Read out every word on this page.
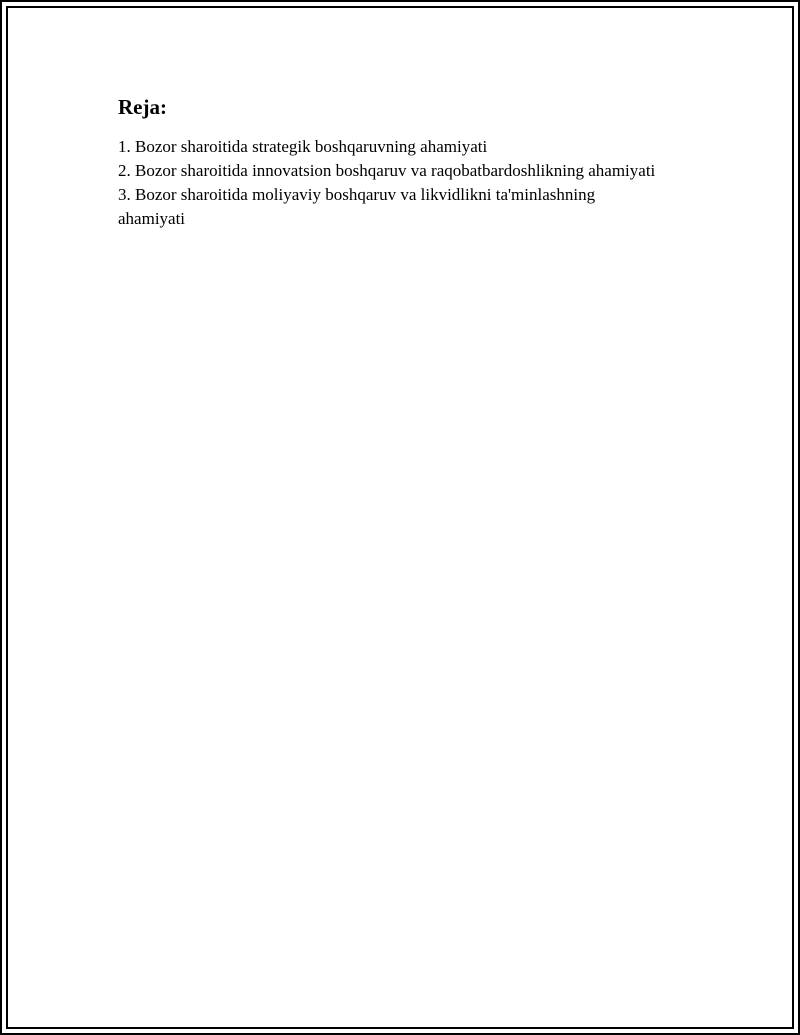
Reja:
1. Bozor sharoitida strategik boshqaruvning ahamiyati
2. Bozor sharoitida innovatsion boshqaruv va raqobatbardoshlikning ahamiyati
3. Bozor sharoitida moliyaviy boshqaruv va likvidlikni ta'minlashning ahamiyati
